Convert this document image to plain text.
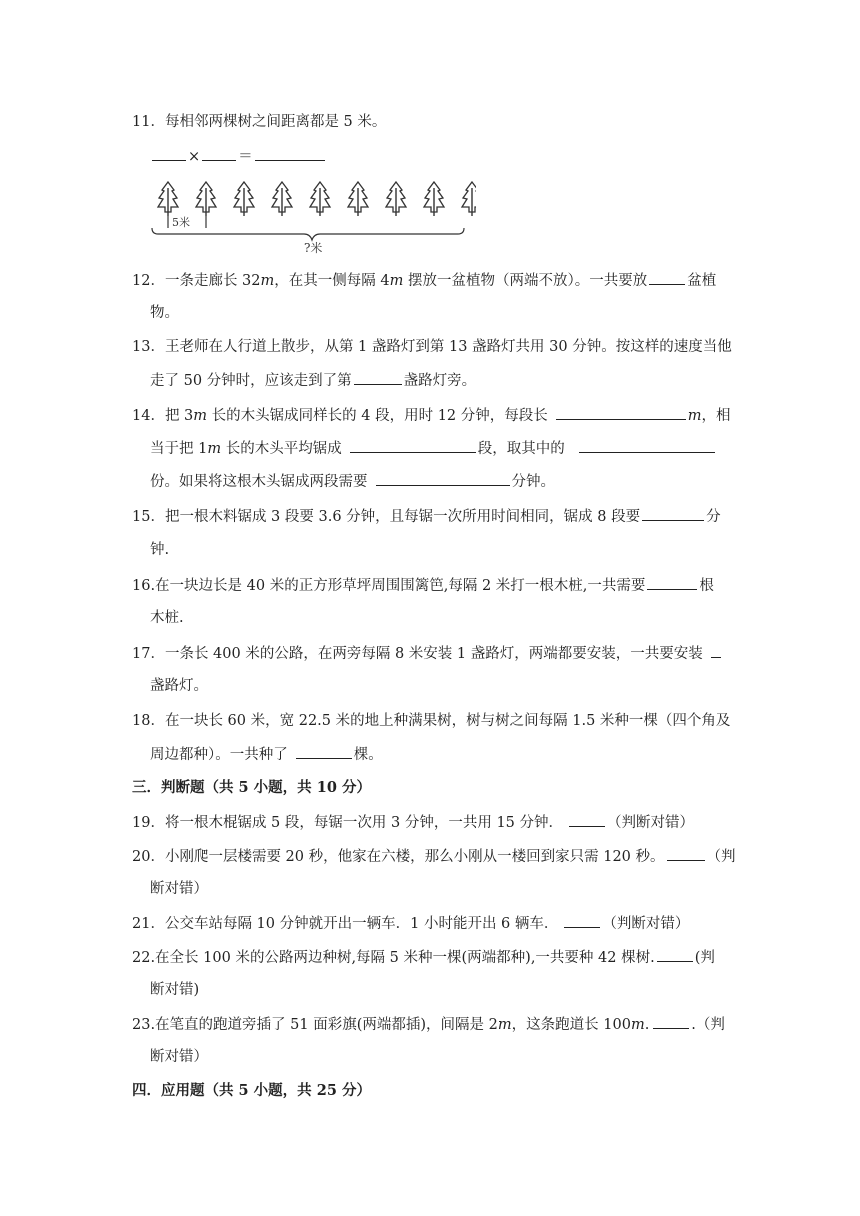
11．每相邻两棵树之间距离都是 5 米。
×	＝
5米
?米
12．一条走廊长 32m，在其一侧每隔 4m 摆放一盆植物（两端不放）。一共要放	盆植
物。
13．王老师在人行道上散步，从第 1 盏路灯到第 13 盏路灯共用 30 分钟。按这样的速度当他
走了 50 分钟时，应该走到了第	盏路灯旁。
14．把 3m 长的木头锯成同样长的 4 段，用时 12 分钟，每段长	m，相
当于把 1m 长的木头平均锯成	段，取其中的
份。如果将这根木头锯成两段需要	分钟。
15．把一根木料锯成 3 段要 3.6 分钟，且每锯一次所用时间相同，锯成 8 段要	分
钟.
16.在一块边长是 40 米的正方形草坪周围围篱笆,每隔 2 米打一根木桩,一共需要	根
木桩.
17．一条长 400 米的公路，在两旁每隔 8 米安装 1 盏路灯，两端都要安装，一共要安装
盏路灯。
18．在一块长 60 米，宽 22.5 米的地上种满果树，树与树之间每隔 1.5 米种一棵（四个角及
周边都种）。一共种了	棵。
三．判断题（共 5 小题，共 10 分）
19．将一根木棍锯成 5 段，每锯一次用 3 分钟，一共用 15 分钟．	（判断对错）
20．小刚爬一层楼需要 20 秒，他家在六楼，那么小刚从一楼回到家只需 120 秒。	（判
断对错）
21．公交车站每隔 10 分钟就开出一辆车．1 小时能开出 6 辆车．	（判断对错）
22.在全长 100 米的公路两边种树,每隔 5 米种一棵(两端都种),一共要种 42 棵树.	(判
断对错)
23.在笔直的跑道旁插了 51 面彩旗(两端都插)，间隔是 2m，这条跑道长 100m.	.（判
断对错）
四．应用题（共 5 小题，共 25 分）
